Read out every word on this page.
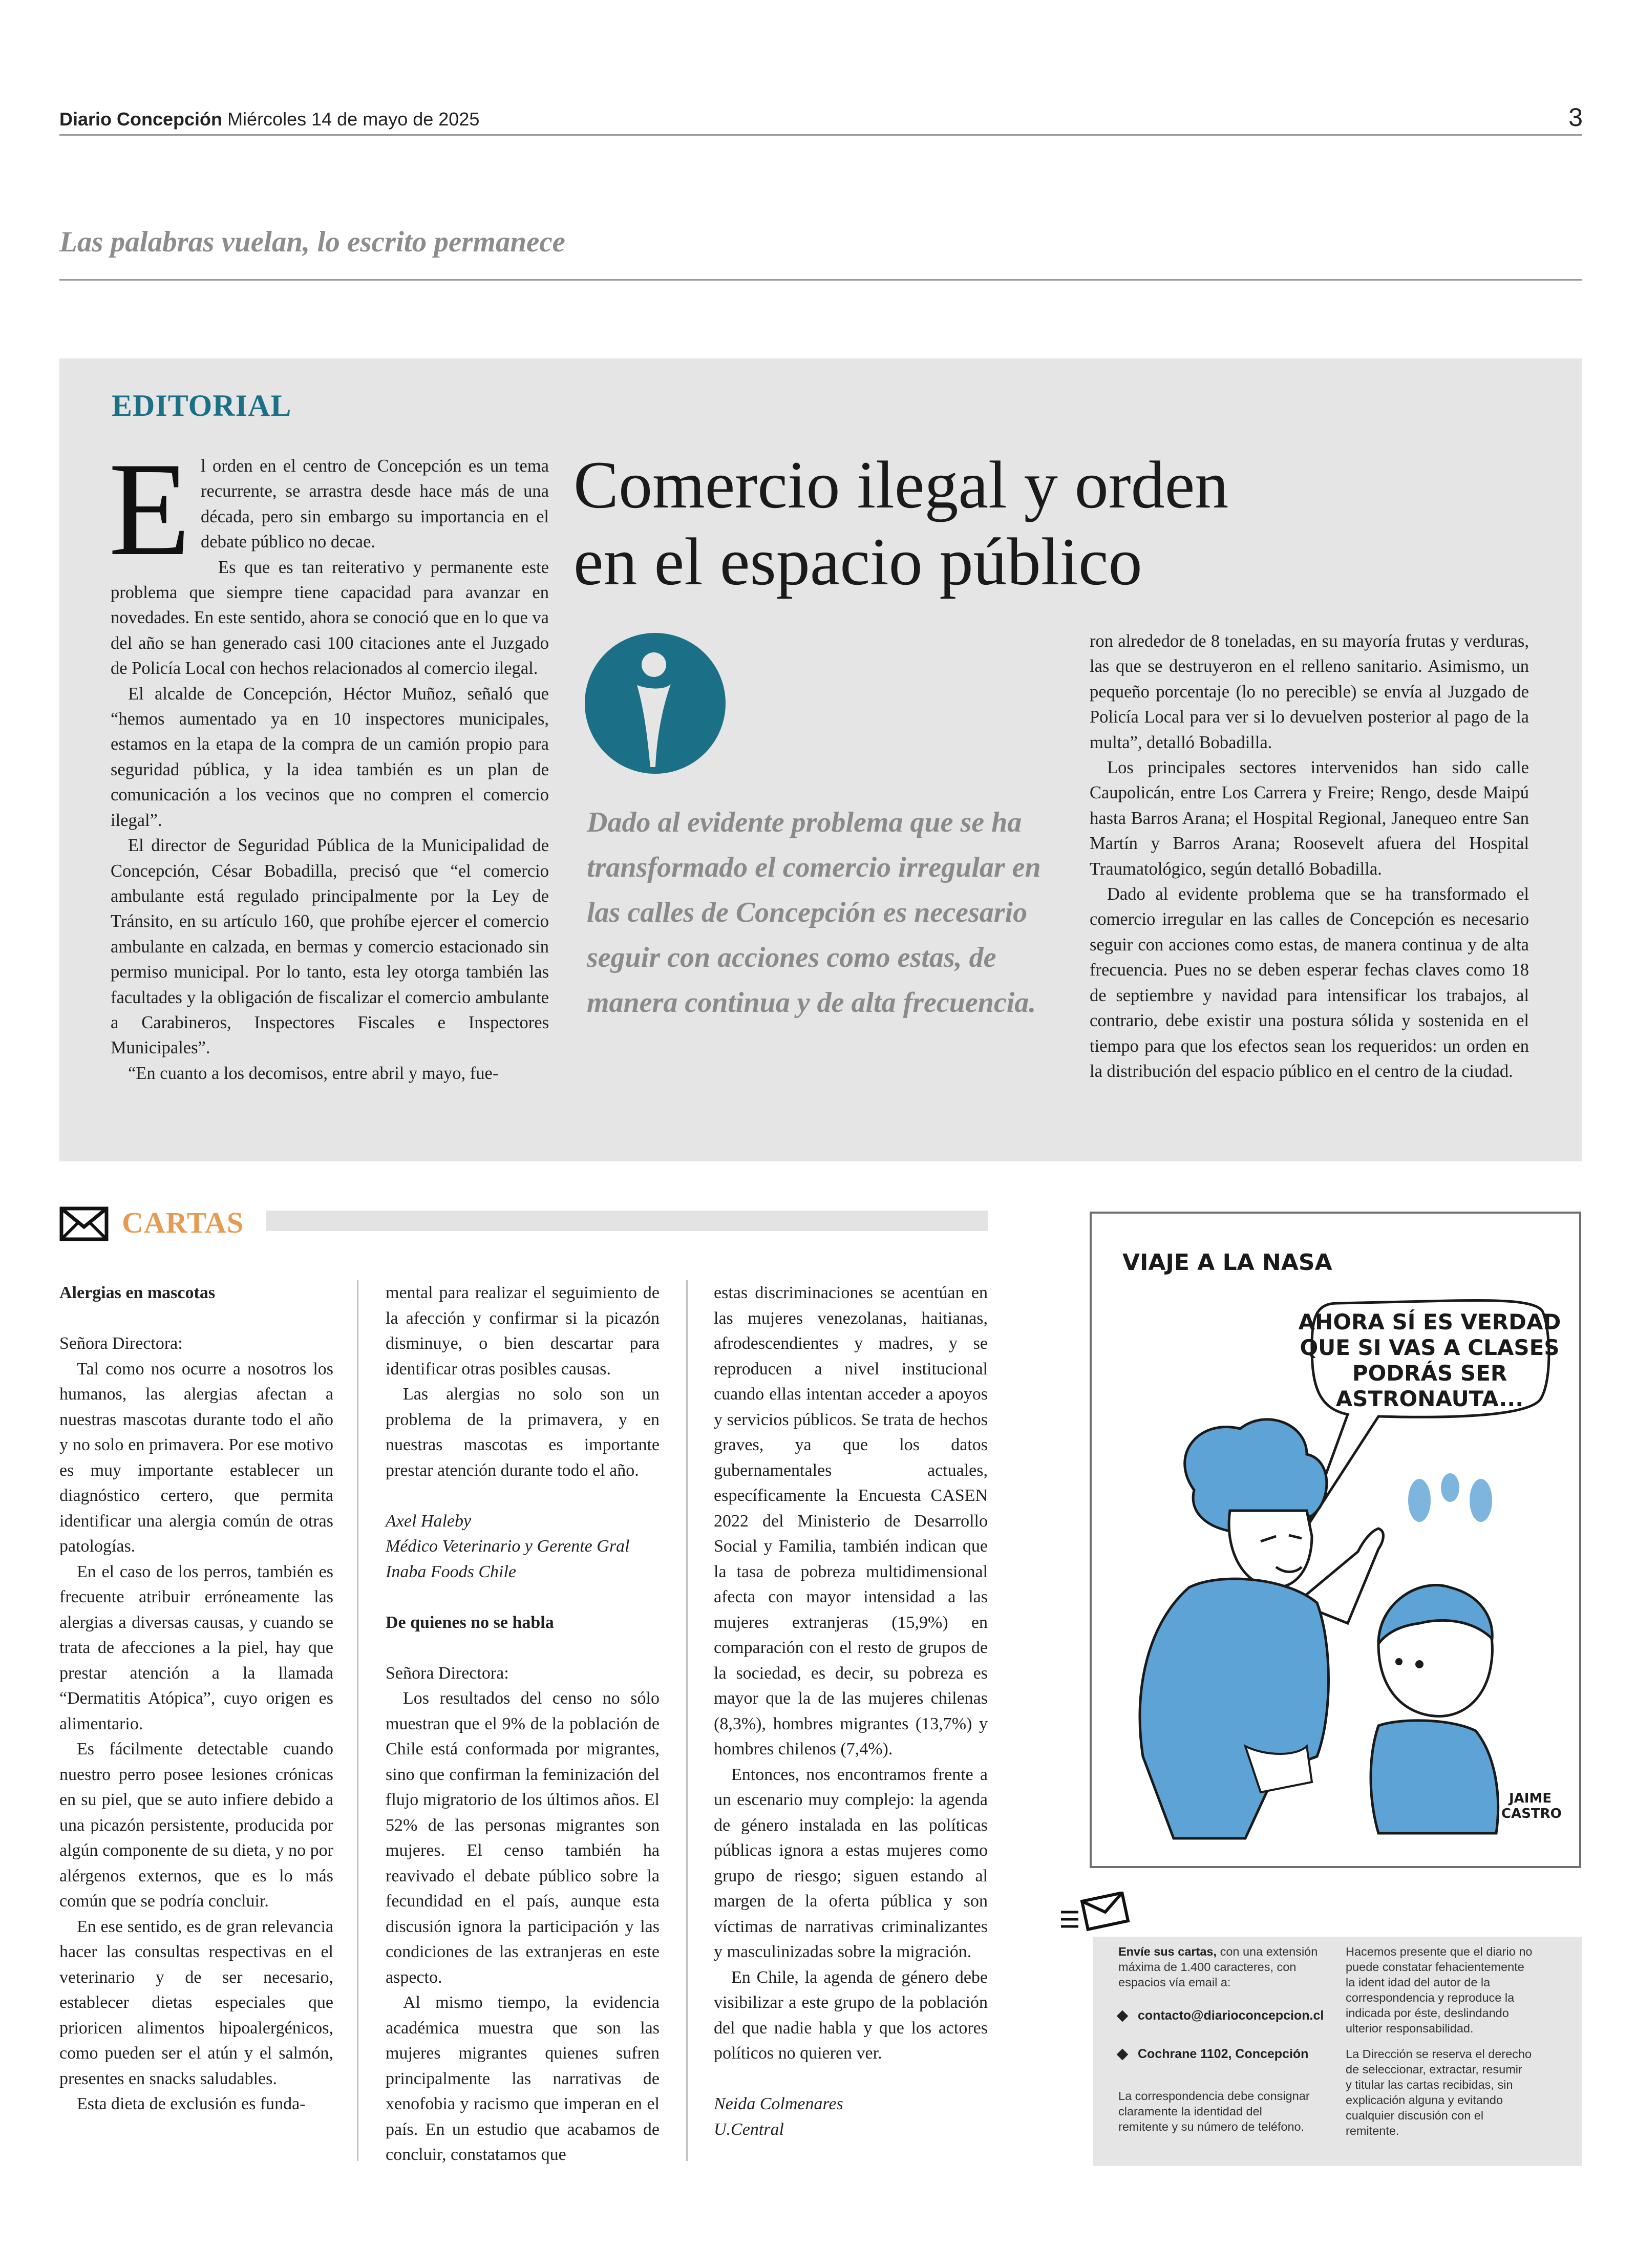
Diario Concepción Miércoles 14 de mayo de 2025	3
Las palabras vuelan, lo escrito permanece
EDITORIAL

El orden en el centro de Concepción es un tema recurrente, se arrastra desde hace más de una década, pero sin embargo su importancia en el debate público no decae.

Es que es tan reiterativo y permanente este problema que siempre tiene capacidad para avanzar en novedades. En este sentido, ahora se conoció que en lo que va del año se han generado casi 100 citaciones ante el Juzgado de Policía Local con hechos relacionados al comercio ilegal.

El alcalde de Concepción, Héctor Muñoz, señaló que “hemos aumentado ya en 10 inspectores municipales, estamos en la etapa de la compra de un camión propio para seguridad pública, y la idea también es un plan de comunicación a los vecinos que no compren el comercio ilegal”.

El director de Seguridad Pública de la Municipalidad de Concepción, César Bobadilla, precisó que “el comercio ambulante está regulado principalmente por la Ley de Tránsito, en su artículo 160, que prohíbe ejercer el comercio ambulante en calzada, en bermas y comercio estacionado sin permiso municipal. Por lo tanto, esta ley otorga también las facultades y la obligación de fiscalizar el comercio ambulante a Carabineros, Inspectores Fiscales e Inspectores Municipales”.

“En cuanto a los decomisos, entre abril y mayo, fue-

Comercio ilegal y orden
en el espacio público
Dado al evidente problema que se ha transformado el comercio irregular en las calles de Concepción es necesario seguir con acciones como estas, de manera continua y de alta frecuencia.

ron alrededor de 8 toneladas, en su mayoría frutas y verduras, las que se destruyeron en el relleno sanitario. Asimismo, un pequeño porcentaje (lo no perecible) se envía al Juzgado de Policía Local para ver si lo devuelven posterior al pago de la multa”, detalló Bobadilla.

Los principales sectores intervenidos han sido calle Caupolicán, entre Los Carrera y Freire; Rengo, desde Maipú hasta Barros Arana; el Hospital Regional, Janequeo entre San Martín y Barros Arana; Roosevelt afuera del Hospital Traumatológico, según detalló Bobadilla.

Dado al evidente problema que se ha transformado el comercio irregular en las calles de Concepción es necesario seguir con acciones como estas, de manera continua y de alta frecuencia. Pues no se deben esperar fechas claves como 18 de septiembre y navidad para intensificar los trabajos, al contrario, debe existir una postura sólida y sostenida en el tiempo para que los efectos sean los requeridos: un orden en la distribución del espacio público en el centro de la ciudad.

CARTAS

Alergias en mascotas

Señora Directora:

Tal como nos ocurre a nosotros los humanos, las alergias afectan a nuestras mascotas durante todo el año y no solo en primavera. Por ese motivo es muy importante establecer un diagnóstico certero, que permita identificar una alergia común de otras patologías.

En el caso de los perros, también es frecuente atribuir erróneamente las alergias a diversas causas, y cuando se trata de afecciones a la piel, hay que prestar atención a la llamada “Dermatitis Atópica”, cuyo origen es alimentario.

Es fácilmente detectable cuando nuestro perro posee lesiones crónicas en su piel, que se auto infiere debido a una picazón persistente, producida por algún componente de su dieta, y no por alérgenos externos, que es lo más común que se podría concluir.

En ese sentido, es de gran relevancia hacer las consultas respectivas en el veterinario y de ser necesario, establecer dietas especiales que prioricen alimentos hipoalergénicos, como pueden ser el atún y el salmón, presentes en snacks saludables.

Esta dieta de exclusión es funda-

mental para realizar el seguimiento de la afección y confirmar si la picazón disminuye, o bien descartar para identificar otras posibles causas.

Las alergias no solo son un problema de la primavera, y en nuestras mascotas es importante prestar atención durante todo el año.

Axel Haleby
Médico Veterinario y Gerente Gral
Inaba Foods Chile

De quienes no se habla

Señora Directora:

Los resultados del censo no sólo muestran que el 9% de la población de Chile está conformada por migrantes, sino que confirman la feminización del flujo migratorio de los últimos años. El 52% de las personas migrantes son mujeres. El censo también ha reavivado el debate público sobre la fecundidad en el país, aunque esta discusión ignora la participación y las condiciones de las extranjeras en este aspecto.

Al mismo tiempo, la evidencia académica muestra que son las mujeres migrantes quienes sufren principalmente las narrativas de xenofobia y racismo que imperan en el país. En un estudio que acabamos de concluir, constatamos que

estas discriminaciones se acentúan en las mujeres venezolanas, haitianas, afrodescendientes y madres, y se reproducen a nivel institucional cuando ellas intentan acceder a apoyos y servicios públicos. Se trata de hechos graves, ya que los datos gubernamentales actuales, específicamente la Encuesta CASEN 2022 del Ministerio de Desarrollo Social y Familia, también indican que la tasa de pobreza multidimensional afecta con mayor intensidad a las mujeres extranjeras (15,9%) en comparación con el resto de grupos de la sociedad, es decir, su pobreza es mayor que la de las mujeres chilenas (8,3%), hombres migrantes (13,7%) y hombres chilenos (7,4%).

Entonces, nos encontramos frente a un escenario muy complejo: la agenda de género instalada en las políticas públicas ignora a estas mujeres como grupo de riesgo; siguen estando al margen de la oferta pública y son víctimas de narrativas criminalizantes y masculinizadas sobre la migración.

En Chile, la agenda de género debe visibilizar a este grupo de la población del que nadie habla y que los actores políticos no quieren ver.

Neida Colmenares
U.Central

VIAJE A LA NASA
AHORA SÍ ES VERDAD
QUE SI VAS A CLASES
PODRÁS SER
ASTRONAUTA...
JAIME
CASTRO
Envíe sus cartas, con una extensión
máxima de 1.400 caracteres, con
espacios vía email a:
contacto@diarioconcepcion.cl
Cochrane 1102, Concepción
La correspondencia debe consignar
claramente la identidad del
remitente y su número de teléfono.
Hacemos presente que el diario no
puede constatar fehacientemente
la ident idad del autor de la
correspondencia y reproduce la
indicada por éste, deslindando
ulterior responsabilidad.
La Dirección se reserva el derecho
de seleccionar, extractar, resumir
y titular las cartas recibidas, sin
explicación alguna y evitando
cualquier discusión con el
remitente.
